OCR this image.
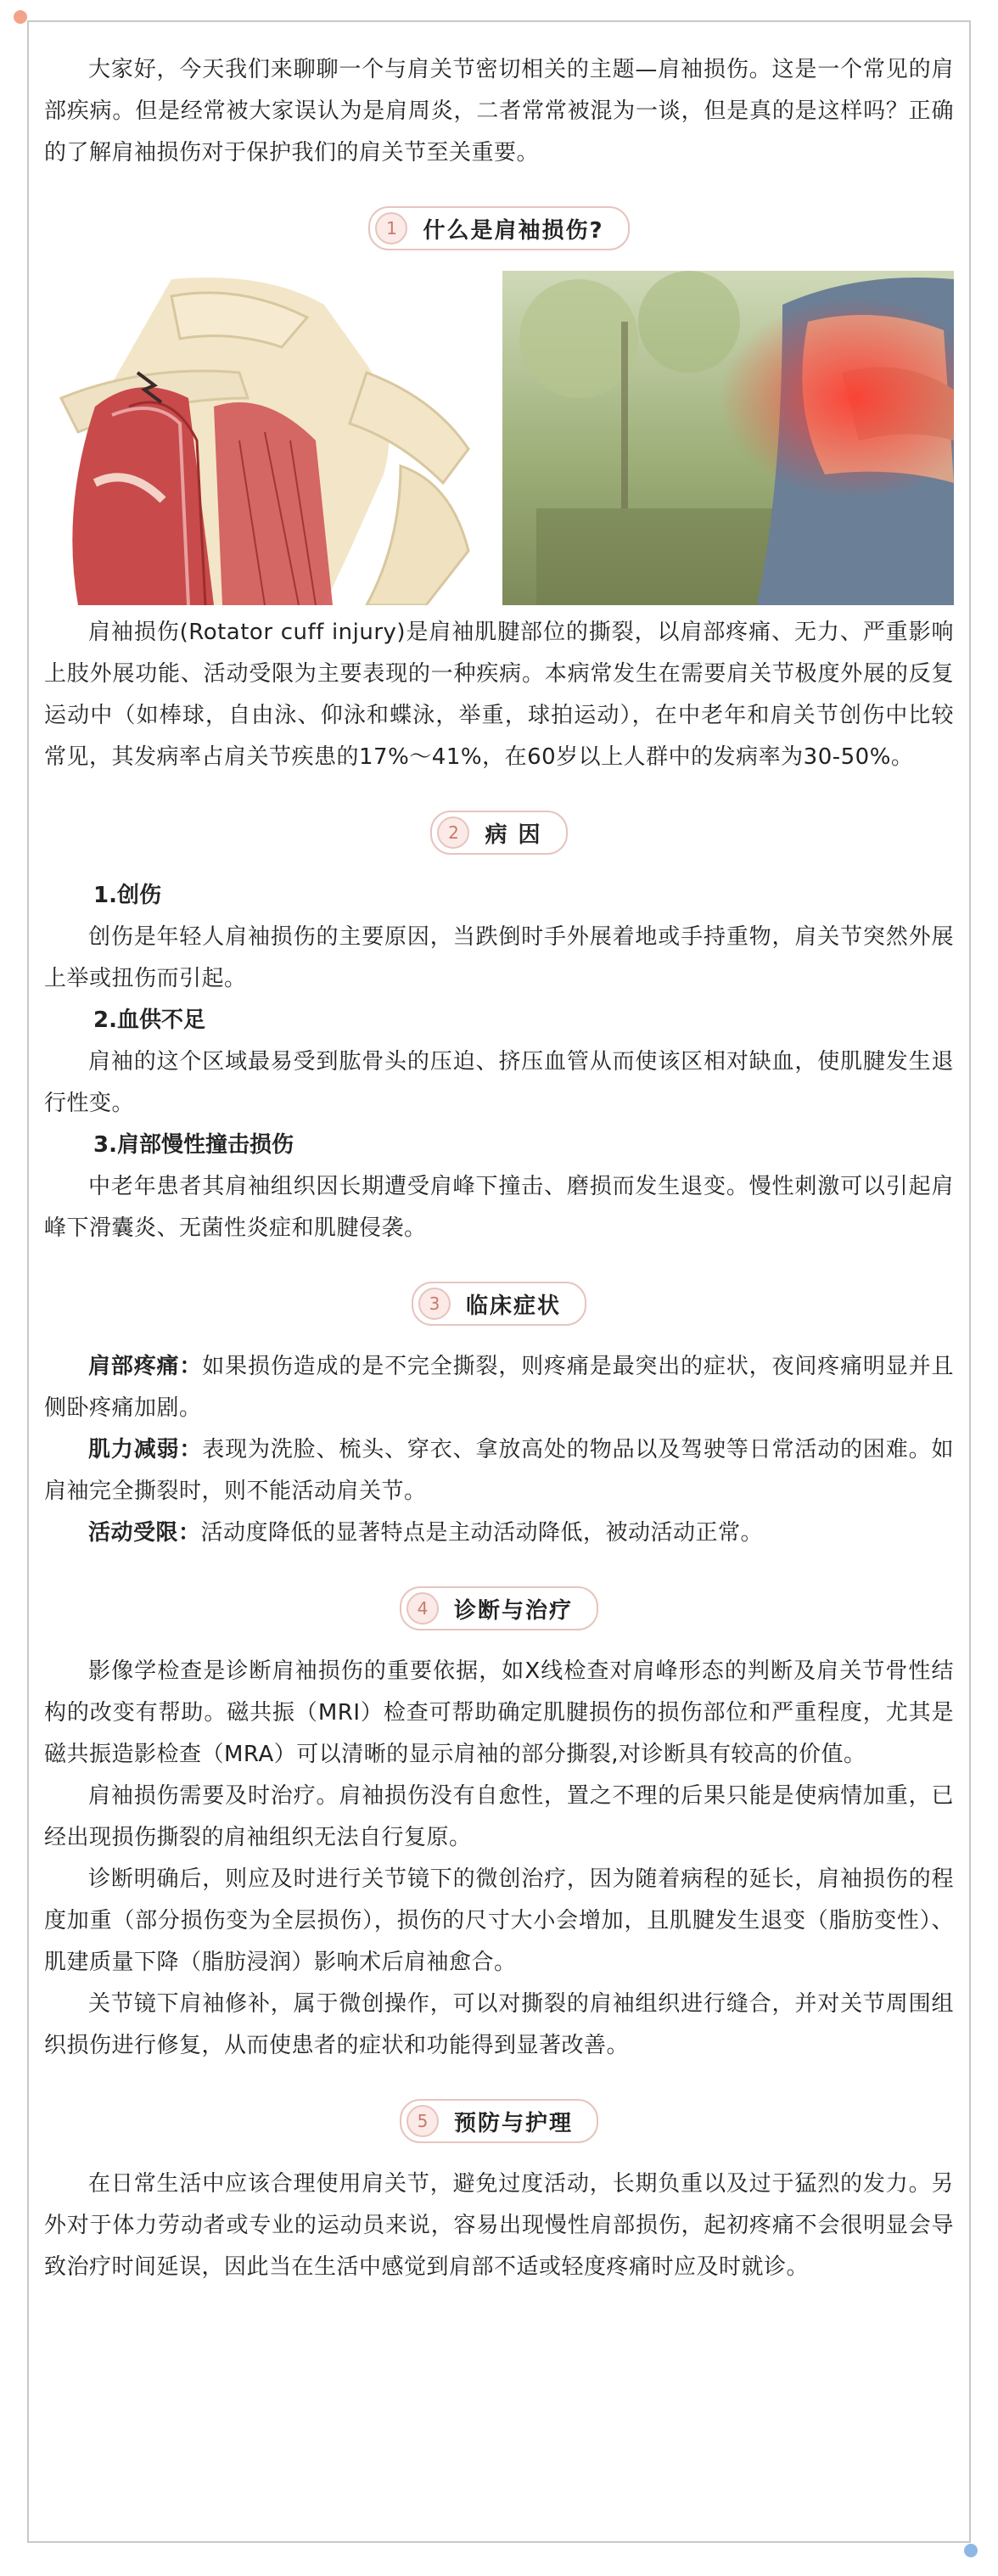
大家好，今天我们来聊聊一个与肩关节密切相关的主题—肩袖损伤。这是一个常见的肩部疾病。但是经常被大家误认为是肩周炎，二者常常被混为一谈，但是真的是这样吗？正确的了解肩袖损伤对于保护我们的肩关节至关重要。

1	什么是肩袖损伤?

肩袖损伤(Rotator cuff injury)是肩袖肌腱部位的撕裂，以肩部疼痛、无力、严重影响上肢外展功能、活动受限为主要表现的一种疾病。本病常发生在需要肩关节极度外展的反复运动中（如棒球，自由泳、仰泳和蝶泳，举重，球拍运动），在中老年和肩关节创伤中比较常见，其发病率占肩关节疾患的17%～41%，在60岁以上人群中的发病率为30-50%。

2	病 因
1.创伤

创伤是年轻人肩袖损伤的主要原因，当跌倒时手外展着地或手持重物，肩关节突然外展上举或扭伤而引起。

2.血供不足

肩袖的这个区域最易受到肱骨头的压迫、挤压血管从而使该区相对缺血，使肌腱发生退行性变。

3.肩部慢性撞击损伤

中老年患者其肩袖组织因长期遭受肩峰下撞击、磨损而发生退变。慢性刺激可以引起肩峰下滑囊炎、无菌性炎症和肌腱侵袭。

3	临床症状

肩部疼痛：如果损伤造成的是不完全撕裂，则疼痛是最突出的症状，夜间疼痛明显并且侧卧疼痛加剧。

肌力减弱：表现为洗脸、梳头、穿衣、拿放高处的物品以及驾驶等日常活动的困难。如肩袖完全撕裂时，则不能活动肩关节。

活动受限：活动度降低的显著特点是主动活动降低，被动活动正常。

4	诊断与治疗

影像学检查是诊断肩袖损伤的重要依据，如X线检查对肩峰形态的判断及肩关节骨性结构的改变有帮助。磁共振（MRI）检查可帮助确定肌腱损伤的损伤部位和严重程度，尤其是磁共振造影检查（MRA）可以清晰的显示肩袖的部分撕裂,对诊断具有较高的价值。

肩袖损伤需要及时治疗。肩袖损伤没有自愈性，置之不理的后果只能是使病情加重，已经出现损伤撕裂的肩袖组织无法自行复原。

诊断明确后，则应及时进行关节镜下的微创治疗，因为随着病程的延长，肩袖损伤的程度加重（部分损伤变为全层损伤），损伤的尺寸大小会增加，且肌腱发生退变（脂肪变性）、肌建质量下降（脂肪浸润）影响术后肩袖愈合。

关节镜下肩袖修补，属于微创操作，可以对撕裂的肩袖组织进行缝合，并对关节周围组织损伤进行修复，从而使患者的症状和功能得到显著改善。

5	预防与护理

在日常生活中应该合理使用肩关节，避免过度活动，长期负重以及过于猛烈的发力。另外对于体力劳动者或专业的运动员来说，容易出现慢性肩部损伤，起初疼痛不会很明显会导致治疗时间延误，因此当在生活中感觉到肩部不适或轻度疼痛时应及时就诊。
